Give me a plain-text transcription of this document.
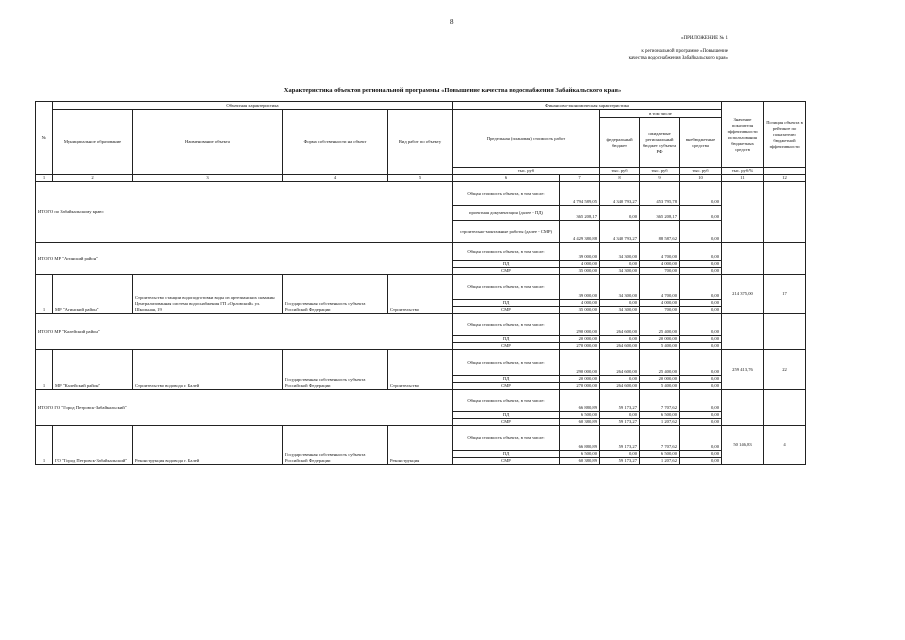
8
«ПРИЛОЖЕНИЕ № 1
к региональной программе «Повышение
качества водоснабжения Забайкальского края»
Характеристика объектов региональной программы «Повышение качества водоснабжения Забайкальского края»
№	Объектная характеристика				Финансово-экономическая характеристика					Значение показателя эффективности использования бюджетных средств	Позиция объекта в рейтинге по показателю бюджетной эффективности
	Муниципальное образование	Наименование объекта	Форма собственности на объект	Вид работ по объекту	Предельная (плановая) стоимость работ		в том числе				
							федеральный бюджет	ожидаемые региональный бюджет субъекта РФ	внебюджетные средства		
					тыс. руб		тыс. руб	тыс. руб	тыс. руб	тыс. руб/%	
1	2	3	4	5	6	7	8	9	10	11	12
ИТОГО по Забайкальскому краю:					Общая стоимость объекта, в том числе:	4 794 589,05	4 340 793,27	453 795,78	0,00		
					проектная документация (далее - ПД)	365 208,17	0,00	365 208,17	0,00		
					строительно-монтажные работы (далее - СМР)	4 429 380,88	4 340 793,27	88 587,62	0,00		
ИТОГО МР "Агинский район"					Общая стоимость объекта, в том числе:	39 000,00	34 300,00	4 700,00	0,00		
					ПД	4 000,00	0,00	4 000,00	0,00		
					СМР	35 000,00	34 300,00	700,00	0,00		
1	МР "Агинский район"	Строительство станции водоподготовки воды из артезианских скважин Централизованная система водоснабжения ГП «Орловский» ул. Школьная, 19	Государственная собственность субъекта Российской Федерации	Строительство	Общая стоимость объекта, в том числе:	39 000,00	34 300,00	4 700,00	0,00	214 375,00	17
					ПД	4 000,00	0,00	4 000,00	0,00		
					СМР	35 000,00	34 300,00	700,00	0,00		
ИТОГО МР "Калейский район"					Общая стоимость объекта, в том числе:	290 000,00	264 600,00	25 400,00	0,00		
					ПД	20 000,00	0,00	20 000,00	0,00		
					СМР	270 000,00	264 600,00	5 400,00	0,00		
1	МР "Калейский район"	Строительство водовода г. Балей	Государственная собственность субъекта Российской Федерации	Строительство	Общая стоимость объекта, в том числе:	290 000,00	264 600,00	25 400,00	0,00	259 413,76	22
					ПД	20 000,00	0,00	20 000,00	0,00		
					СМР	270 000,00	264 600,00	5 400,00	0,00		
ИТОГО ГО "Город Петровск-Забайкальский"					Общая стоимость объекта, в том числе:	66 880,89	59 173,27	7 707,62	0,00		
					ПД	6 500,00	0,00	6 500,00	0,00		
					СМР	60 380,89	59 173,27	1 207,62	0,00		
1	ГО "Город Петровск-Забайкальский"	Реконструкция водовода г. Балей	Государственная собственность субъекта Российской Федерации	Реконструкция	Общая стоимость объекта, в том числе:	66 880,89	59 173,27	7 707,62	0,00	50 146,83	4
					ПД	6 500,00	0,00	6 500,00	0,00		
					СМР	60 380,89	59 173,27	1 207,62	0,00		
